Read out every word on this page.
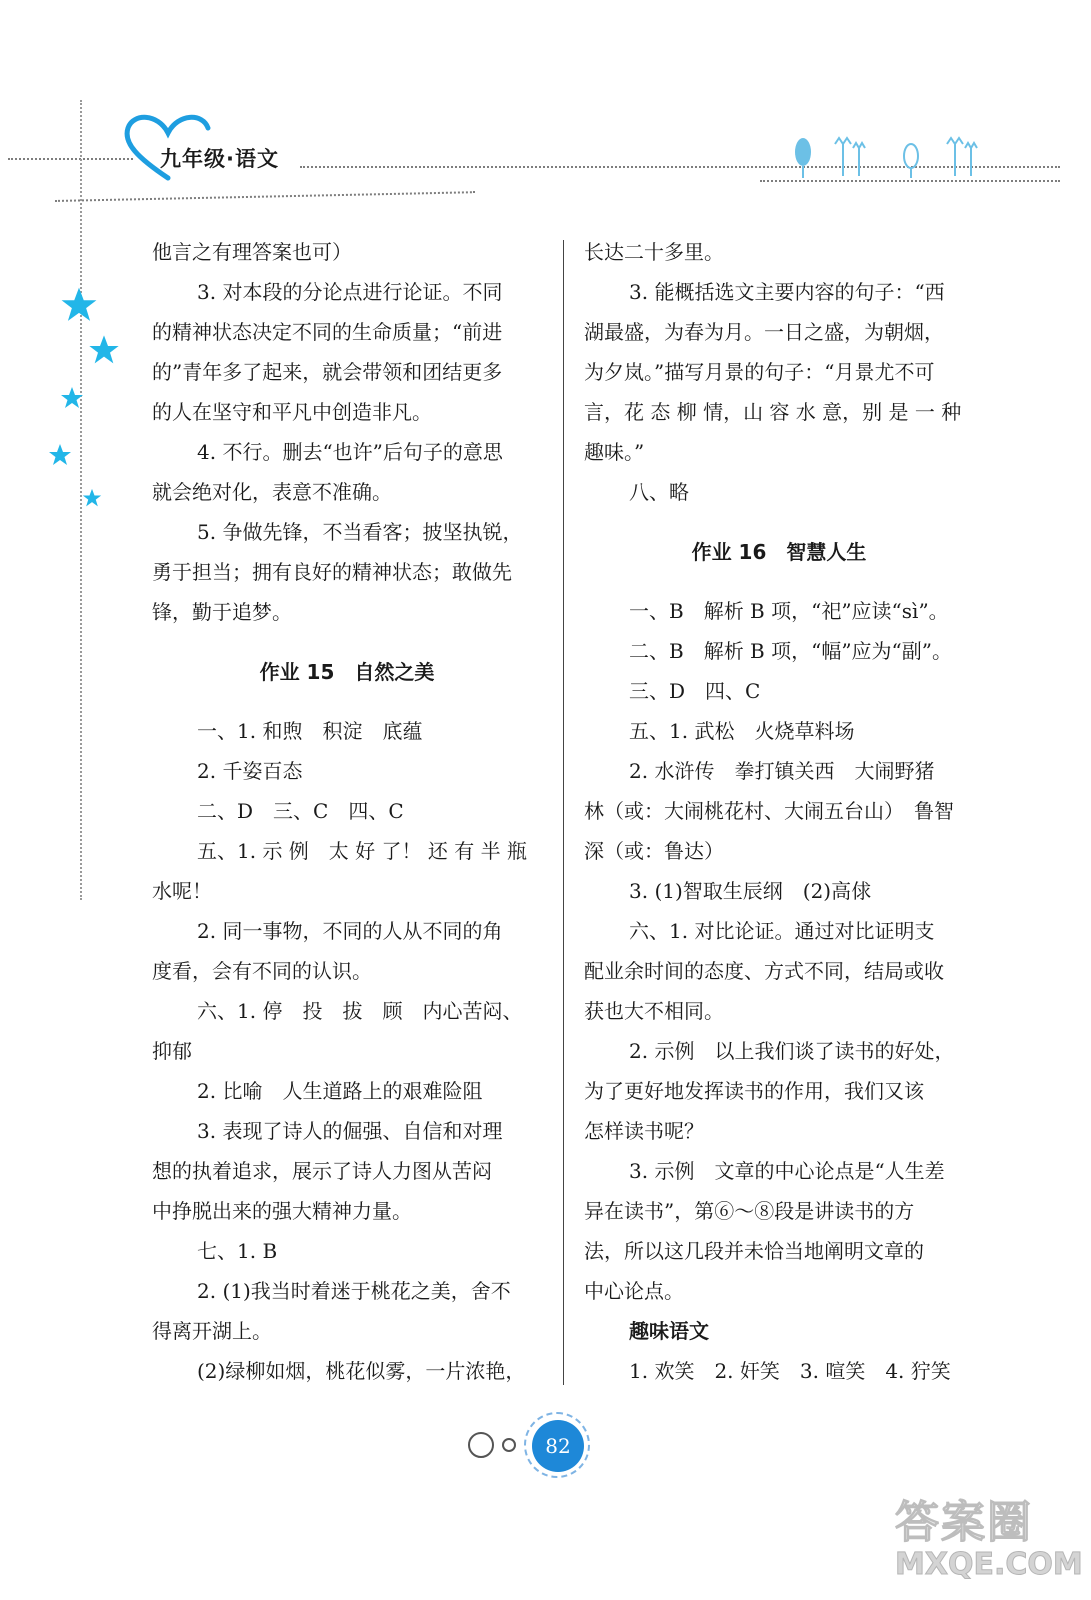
九年级·语文
他言之有理答案也可）
3. 对本段的分论点进行论证。不同
的精神状态决定不同的生命质量；“前进
的”青年多了起来，就会带领和团结更多
的人在坚守和平凡中创造非凡。
4. 不行。删去“也许”后句子的意思
就会绝对化，表意不准确。
5. 争做先锋，不当看客；披坚执锐，
勇于担当；拥有良好的精神状态；敢做先
锋，勤于追梦。
作业 15　自然之美
一、1. 和煦　积淀　底蕴
2. 千姿百态
二、D　三、C　四、C
五、1. 示 例　太 好 了！ 还 有 半 瓶
水呢！
2. 同一事物，不同的人从不同的角
度看，会有不同的认识。
六、1. 停　投　拔　顾　内心苦闷、
抑郁
2. 比喻　人生道路上的艰难险阻
3. 表现了诗人的倔强、自信和对理
想的执着追求，展示了诗人力图从苦闷
中挣脱出来的强大精神力量。
七、1. B
2. (1)我当时着迷于桃花之美，舍不
得离开湖上。
(2)绿柳如烟，桃花似雾，一片浓艳，
长达二十多里。
3. 能概括选文主要内容的句子：“西
湖最盛，为春为月。一日之盛，为朝烟，
为夕岚。”描写月景的句子：“月景尤不可
言，花 态 柳 情，山 容 水 意，别 是 一 种
趣味。”
八、略
作业 16　智慧人生
一、B　解析 B 项，“祀”应读“sì”。
二、B　解析 B 项，“幅”应为“副”。
三、D　四、C
五、1. 武松　火烧草料场
2. 水浒传　拳打镇关西　大闹野猪
林（或：大闹桃花村、大闹五台山）　鲁智
深（或：鲁达）
3. (1)智取生辰纲　(2)高俅
六、1. 对比论证。通过对比证明支
配业余时间的态度、方式不同，结局或收
获也大不相同。
2. 示例　以上我们谈了读书的好处，
为了更好地发挥读书的作用，我们又该
怎样读书呢？
3. 示例　文章的中心论点是“人生差
异在读书”，第⑥～⑧段是讲读书的方
法，所以这几段并未恰当地阐明文章的
中心论点。
趣味语文
1. 欢笑　2. 奸笑　3. 喧笑　4. 狞笑
82
答案圈
MXQE.COM
